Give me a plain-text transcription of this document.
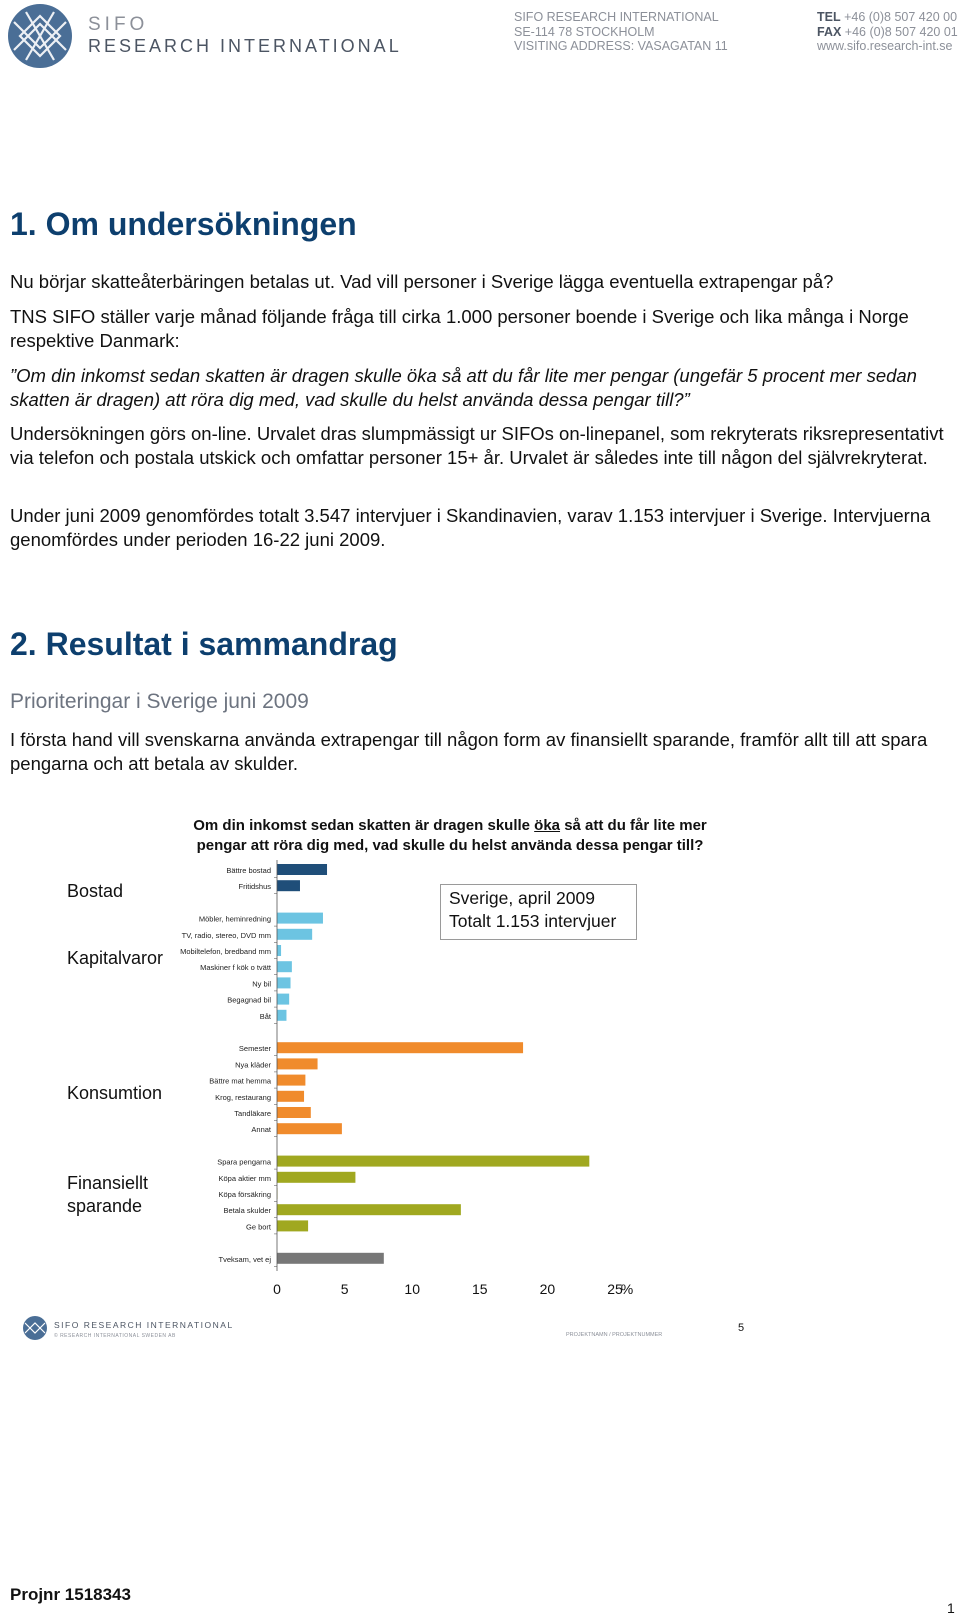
SIFO
RESEARCH INTERNATIONAL
SIFO RESEARCH INTERNATIONAL
SE-114 78 STOCKHOLM
VISITING ADDRESS: VASAGATAN 11
TEL +46 (0)8 507 420 00
FAX +46 (0)8 507 420 01
www.sifo.research-int.se
1. Om undersökningen
Nu börjar skatteåterbäringen betalas ut. Vad vill personer i Sverige lägga eventuella extrapengar på?
TNS SIFO ställer varje månad följande fråga till cirka 1.000 personer boende i Sverige och lika många i Norge respektive Danmark:
”Om din inkomst sedan skatten är dragen skulle öka så att du får lite mer pengar (ungefär 5 procent mer sedan skatten är dragen) att röra dig med, vad skulle du helst använda dessa pengar till?”
Undersökningen görs on-line. Urvalet dras slumpmässigt ur SIFOs on-linepanel, som rekryterats riksrepresentativt via telefon och postala utskick och omfattar personer 15+ år. Urvalet är således inte till någon del självrekryterat.
Under juni 2009 genomfördes totalt 3.547 intervjuer i Skandinavien, varav 1.153 intervjuer i Sverige. Intervjuerna genomfördes under perioden 16-22 juni 2009.
2. Resultat i sammandrag
Prioriteringar i Sverige juni 2009
I första hand vill svenskarna använda extrapengar till någon form av finansiellt sparande, framför allt till att spara pengarna och att betala av skulder.
Om din inkomst sedan skatten är dragen skulle öka så att du får lite mer
pengar att röra dig med, vad skulle du helst använda dessa pengar till?
Bostad
Kapitalvaror
Konsumtion
Finansiellt sparande
Bättre bostad
Fritidshus
Möbler, heminredning
TV, radio, stereo, DVD mm
Mobiltelefon, bredband mm
Maskiner f kök o tvätt
Ny bil
Begagnad bil
Båt
Semester
Nya kläder
Bättre mat hemma
Krog, restaurang
Tandläkare
Annat
Spara pengarna
Köpa aktier mm
Köpa försäkring
Betala skulder
Ge bort
Tveksam, vet ej
0	5	10	15	20	25
%
Sverige, april 2009
Totalt 1.153 intervjuer
SIFO RESEARCH INTERNATIONAL
© RESEARCH INTERNATIONAL SWEDEN AB	PROJEKTNAMN / PROJEKTNUMMER
5
Projnr 1518343
1
